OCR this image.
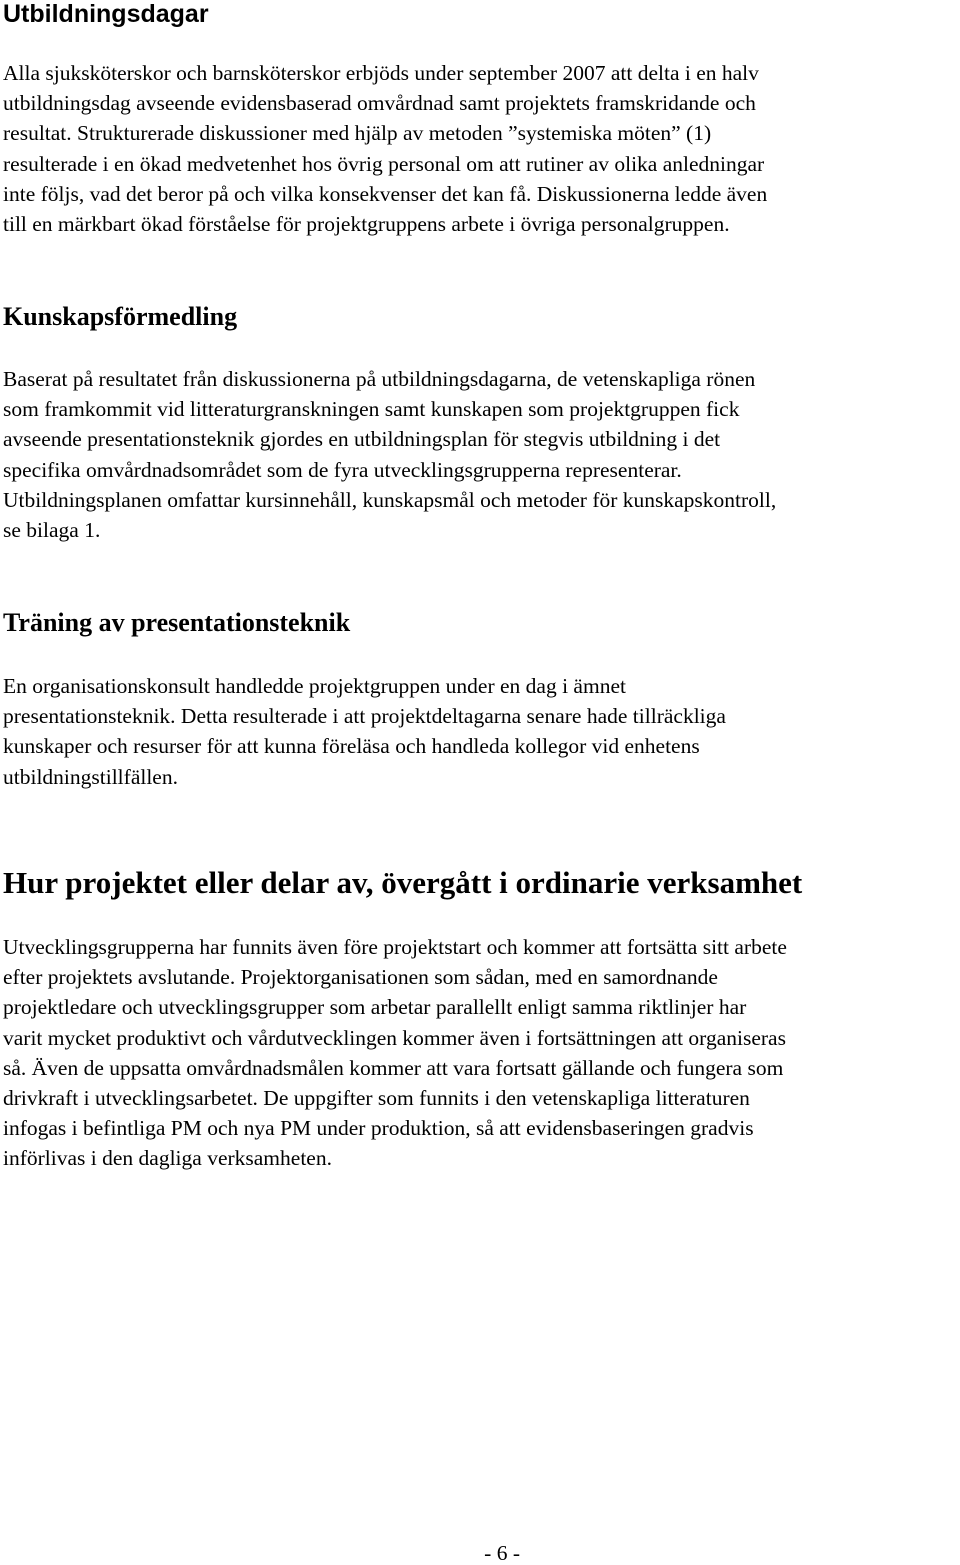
Utbildningsdagar
Alla sjuksköterskor och barnsköterskor erbjöds under september 2007 att delta i en halv
utbildningsdag avseende evidensbaserad omvårdnad samt projektets framskridande och
resultat. Strukturerade diskussioner med hjälp av metoden ”systemiska möten” (1)
resulterade i en ökad medvetenhet hos övrig personal om att rutiner av olika anledningar
inte följs, vad det beror på och vilka konsekvenser det kan få. Diskussionerna ledde även
till en märkbart ökad förståelse för projektgruppens arbete i övriga personalgruppen.
Kunskapsförmedling
Baserat på resultatet från diskussionerna på utbildningsdagarna, de vetenskapliga rönen
som framkommit vid litteraturgranskningen samt kunskapen som projektgruppen fick
avseende presentationsteknik gjordes en utbildningsplan för stegvis utbildning i det
specifika omvårdnadsområdet som de fyra utvecklingsgrupperna representerar.
Utbildningsplanen omfattar kursinnehåll, kunskapsmål och metoder för kunskapskontroll,
se bilaga 1.
Träning av presentationsteknik
En organisationskonsult handledde projektgruppen under en dag i ämnet
presentationsteknik. Detta resulterade i att projektdeltagarna senare hade tillräckliga
kunskaper och resurser för att kunna föreläsa och handleda kollegor vid enhetens
utbildningstillfällen.
Hur projektet eller delar av, övergått i ordinarie verksamhet
Utvecklingsgrupperna har funnits även före projektstart och kommer att fortsätta sitt arbete
efter projektets avslutande. Projektorganisationen som sådan, med en samordnande
projektledare och utvecklingsgrupper som arbetar parallellt enligt samma riktlinjer har
varit mycket produktivt och vårdutvecklingen kommer även i fortsättningen att organiseras
så. Även de uppsatta omvårdnadsmålen kommer att vara fortsatt gällande och fungera som
drivkraft i utvecklingsarbetet. De uppgifter som funnits i den vetenskapliga litteraturen
infogas i befintliga PM och nya PM under produktion, så att evidensbaseringen gradvis
införlivas i den dagliga verksamheten.
- 6 -
